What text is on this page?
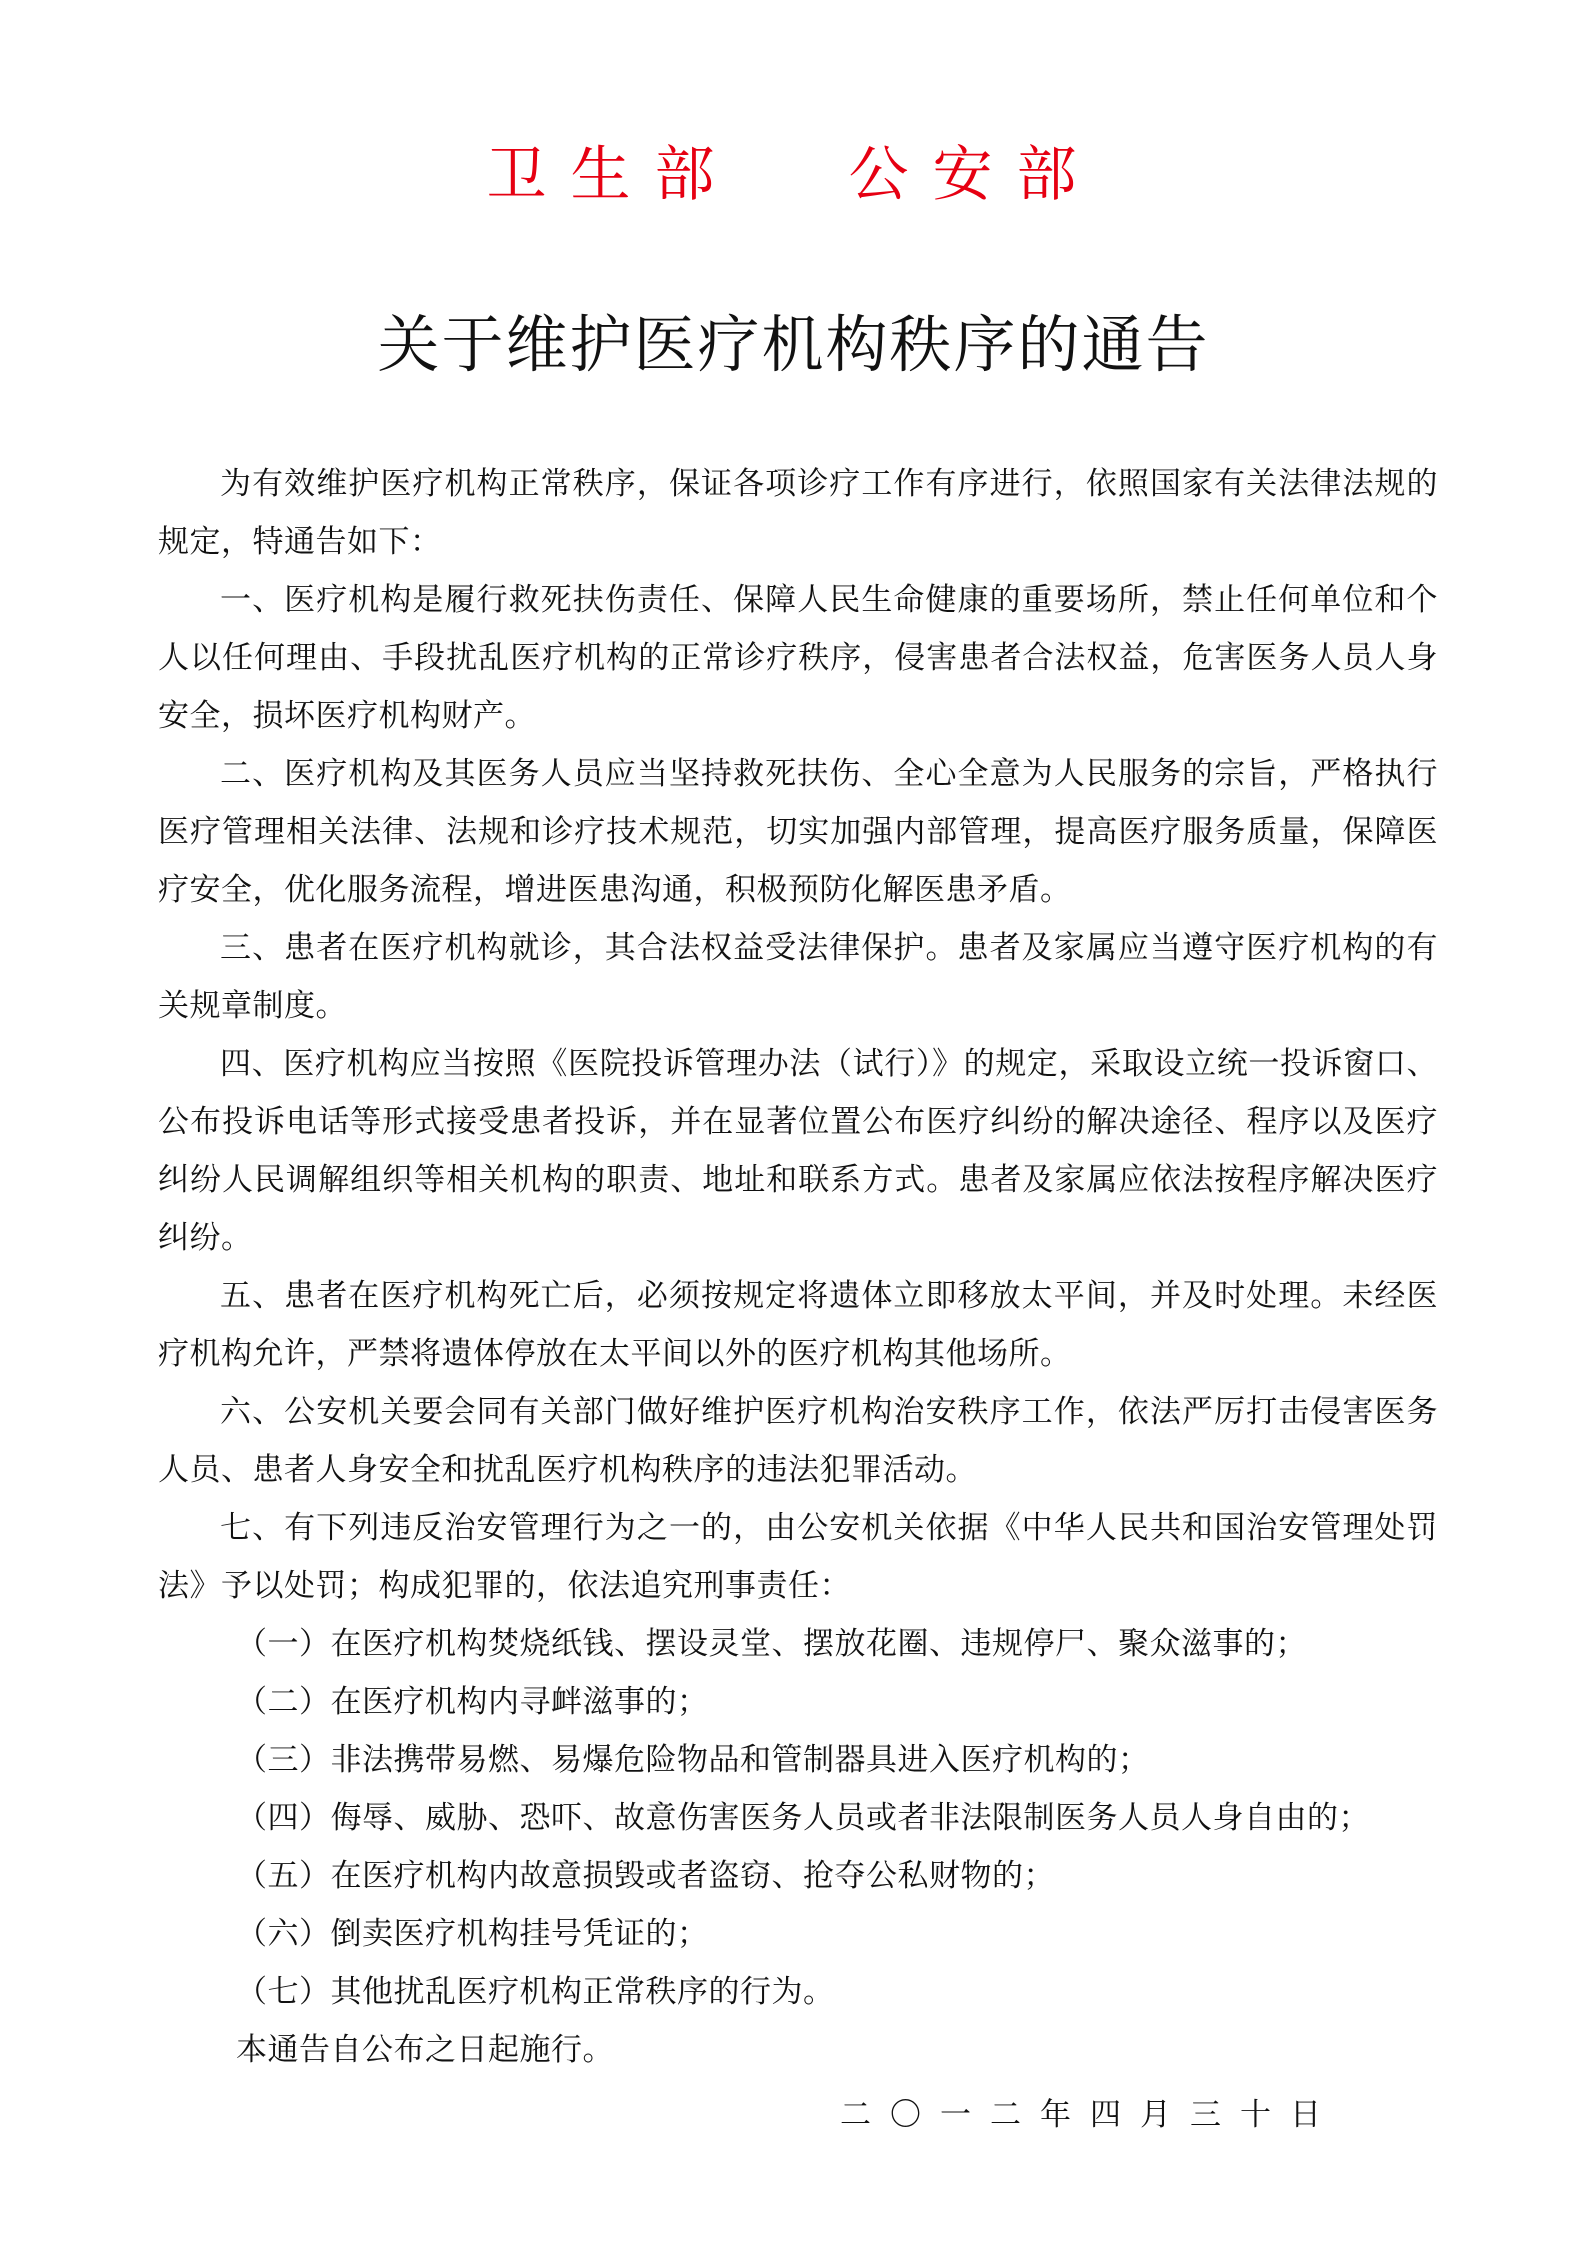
卫生部 公安部
关于维护医疗机构秩序的通告

为有效维护医疗机构正常秩序，保证各项诊疗工作有序进行，依照国家有关法律法规的规定，特通告如下：

一、医疗机构是履行救死扶伤责任、保障人民生命健康的重要场所，禁止任何单位和个人以任何理由、手段扰乱医疗机构的正常诊疗秩序，侵害患者合法权益，危害医务人员人身安全，损坏医疗机构财产。

二、医疗机构及其医务人员应当坚持救死扶伤、全心全意为人民服务的宗旨，严格执行医疗管理相关法律、法规和诊疗技术规范，切实加强内部管理，提高医疗服务质量，保障医疗安全，优化服务流程，增进医患沟通，积极预防化解医患矛盾。

三、患者在医疗机构就诊，其合法权益受法律保护。患者及家属应当遵守医疗机构的有关规章制度。

四、医疗机构应当按照《医院投诉管理办法（试行）》的规定，采取设立统一投诉窗口、公布投诉电话等形式接受患者投诉，并在显著位置公布医疗纠纷的解决途径、程序以及医疗纠纷人民调解组织等相关机构的职责、地址和联系方式。患者及家属应依法按程序解决医疗纠纷。

五、患者在医疗机构死亡后，必须按规定将遗体立即移放太平间，并及时处理。未经医疗机构允许，严禁将遗体停放在太平间以外的医疗机构其他场所。

六、公安机关要会同有关部门做好维护医疗机构治安秩序工作，依法严厉打击侵害医务人员、患者人身安全和扰乱医疗机构秩序的违法犯罪活动。

七、有下列违反治安管理行为之一的，由公安机关依据《中华人民共和国治安管理处罚法》予以处罚；构成犯罪的，依法追究刑事责任：

（一）在医疗机构焚烧纸钱、摆设灵堂、摆放花圈、违规停尸、聚众滋事的；

（二）在医疗机构内寻衅滋事的；

（三）非法携带易燃、易爆危险物品和管制器具进入医疗机构的；

（四）侮辱、威胁、恐吓、故意伤害医务人员或者非法限制医务人员人身自由的；

（五）在医疗机构内故意损毁或者盗窃、抢夺公私财物的；

（六）倒卖医疗机构挂号凭证的；

（七）其他扰乱医疗机构正常秩序的行为。

本通告自公布之日起施行。

二〇一二年四月三十日
